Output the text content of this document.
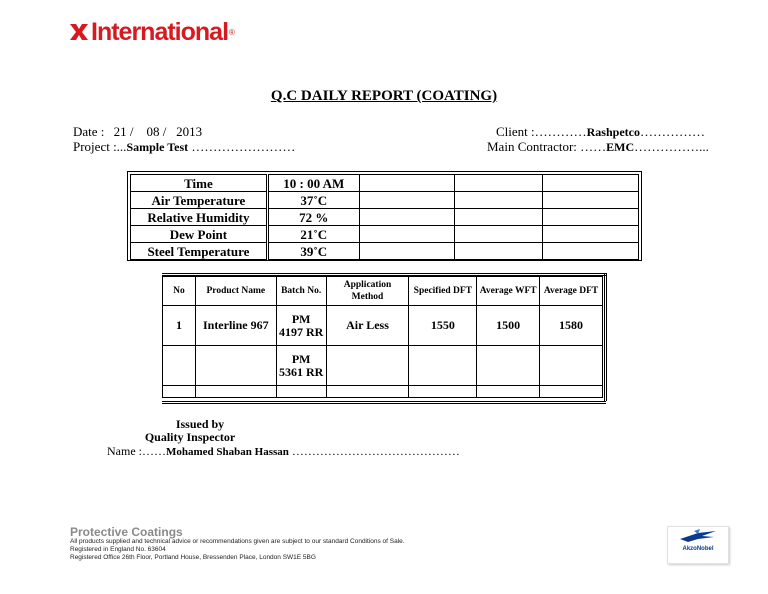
International ®
Q.C DAILY REPORT (COATING)
Date : 21 /    08 /   2013
Project :...Sample Test ……………………
Client :…………Rashpetco……………
Main Contractor: ……EMC……………...
Time	10 : 00 AM			
Air Temperature	37˚C			
Relative Humidity	72 %			
Dew Point	21˚C			
Steel Temperature	39˚C			
No	Product Name	Batch No.	Application Method	Specified DFT	Average WFT	Average DFT
1	Interline 967	PM 4197 RR	Air Less	1550	1500	1580
		PM 5361 RR				

Issued by
Quality Inspector
Name :……Mohamed Shaban Hassan ……………………………………
Protective Coatings
All products supplied and technical advice or recommendations given are subject to our standard Conditions of Sale.
Registered in England No. 63604
Registered Office 26th Floor, Portland House, Bressenden Place, London SW1E 5BG
AkzoNobel
